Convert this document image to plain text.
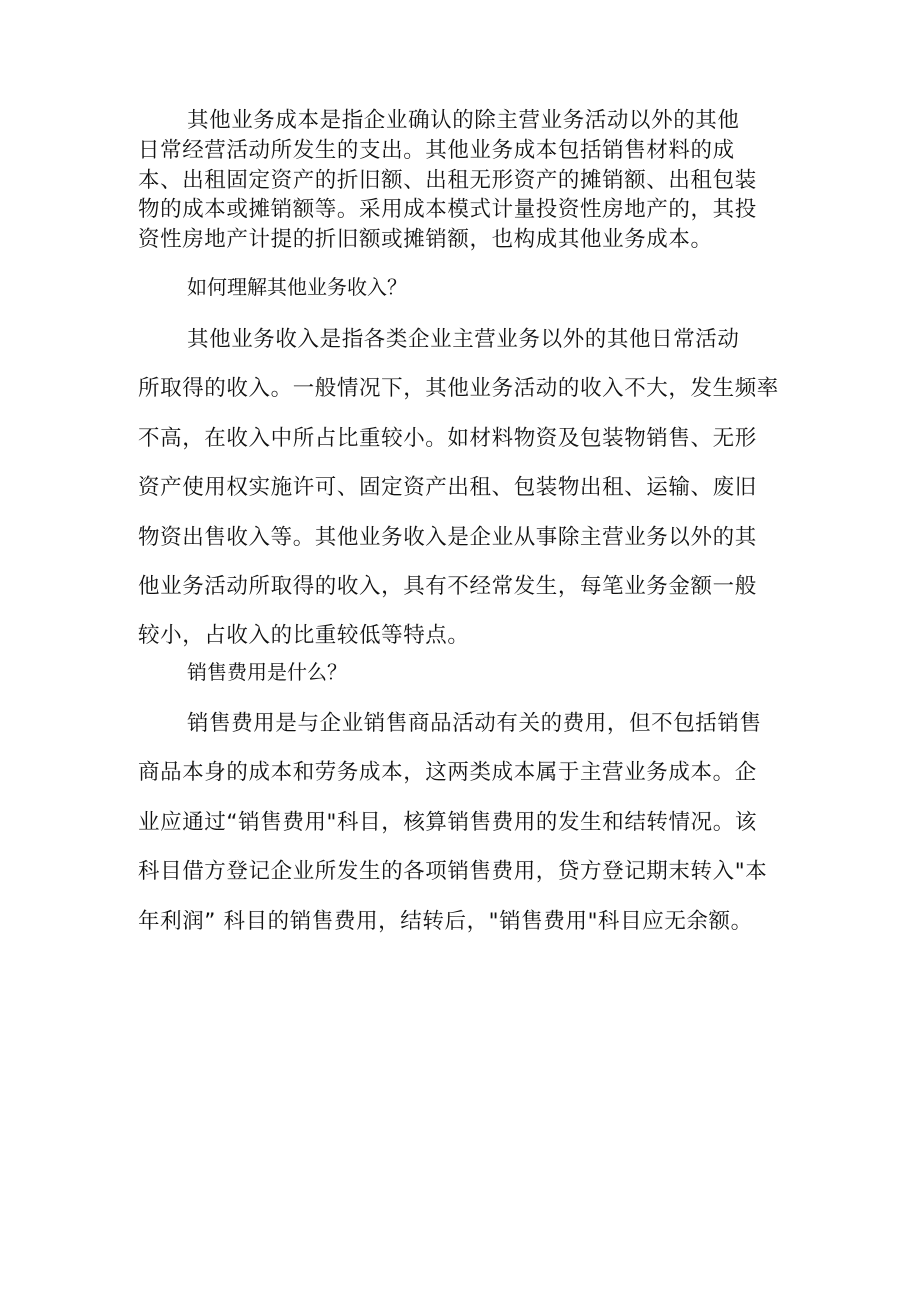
其他业务成本是指企业确认的除主营业务活动以外的其他
日常经营活动所发生的支出。其他业务成本包括销售材料的成
本、出租固定资产的折旧额、出租无形资产的摊销额、出租包装
物的成本或摊销额等。采用成本模式计量投资性房地产的，其投
资性房地产计提的折旧额或摊销额，也构成其他业务成本。
如何理解其他业务收入？
其他业务收入是指各类企业主营业务以外的其他日常活动
所取得的收入。一般情况下，其他业务活动的收入不大，发生频率
不高，在收入中所占比重较小。如材料物资及包装物销售、无形
资产使用权实施许可、固定资产出租、包装物出租、运输、废旧
物资出售收入等。其他业务收入是企业从事除主营业务以外的其
他业务活动所取得的收入，具有不经常发生，每笔业务金额一般
较小，占收入的比重较低等特点。
销售费用是什么？
销售费用是与企业销售商品活动有关的费用，但不包括销售
商品本身的成本和劳务成本，这两类成本属于主营业务成本。企
业应通过“销售费用"科目，核算销售费用的发生和结转情况。该
科目借方登记企业所发生的各项销售费用，贷方登记期末转入"本
年利润” 科目的销售费用，结转后，"销售费用"科目应无余额。
